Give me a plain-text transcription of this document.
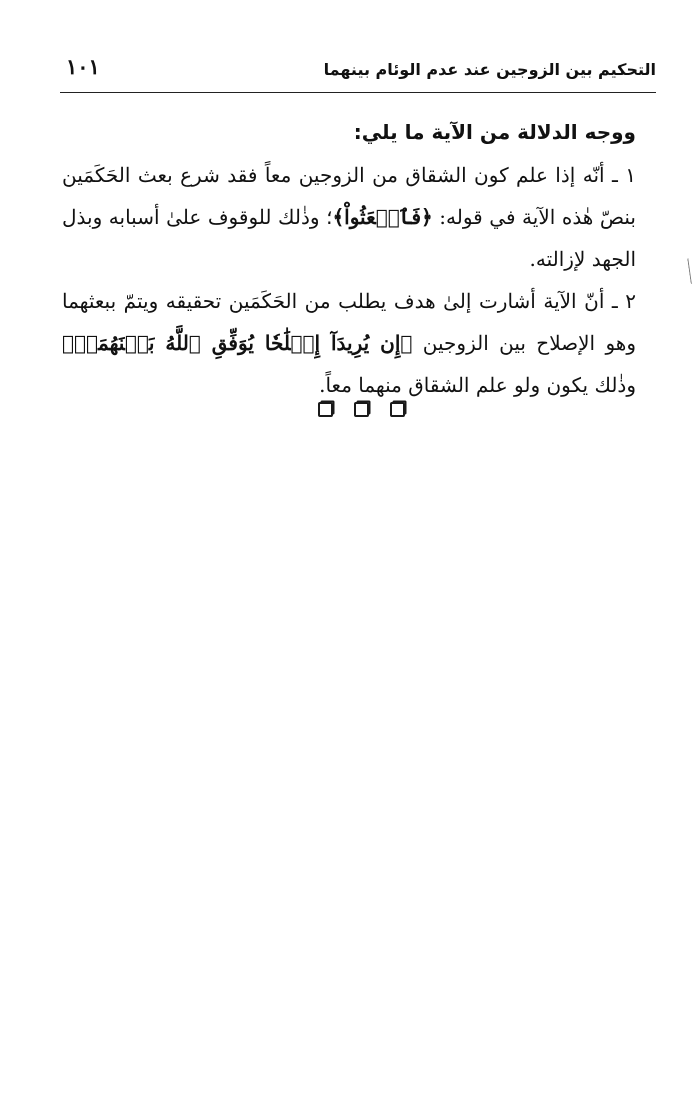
التحكيم بين الزوجين عند عدم الوئام بينهما
١٠١

ووجه الدلالة من الآية ما يلي:

١ ـ أنّه إذا علم كون الشقاق من الزوجين معاً فقد شرع بعث الحَكَمَين بنصّ هٰذه الآية في قوله: ﴿فَٱبۡعَثُواْ﴾؛ وذٰلك للوقوف علىٰ أسبابه وبذل الجهد لإزالته.

٢ ـ أنّ الآية أشارت إلىٰ هدف يطلب من الحَكَمَين تحقيقه ويتمّ ببعثهما وهو الإصلاح بين الزوجين ﴿إِن يُرِيدَآ إِصۡلَٰحٗا يُوَفِّقِ ٱللَّهُ بَيۡنَهُمَآۗ﴾ وذٰلك يكون ولو علم الشقاق منهما معاً.
